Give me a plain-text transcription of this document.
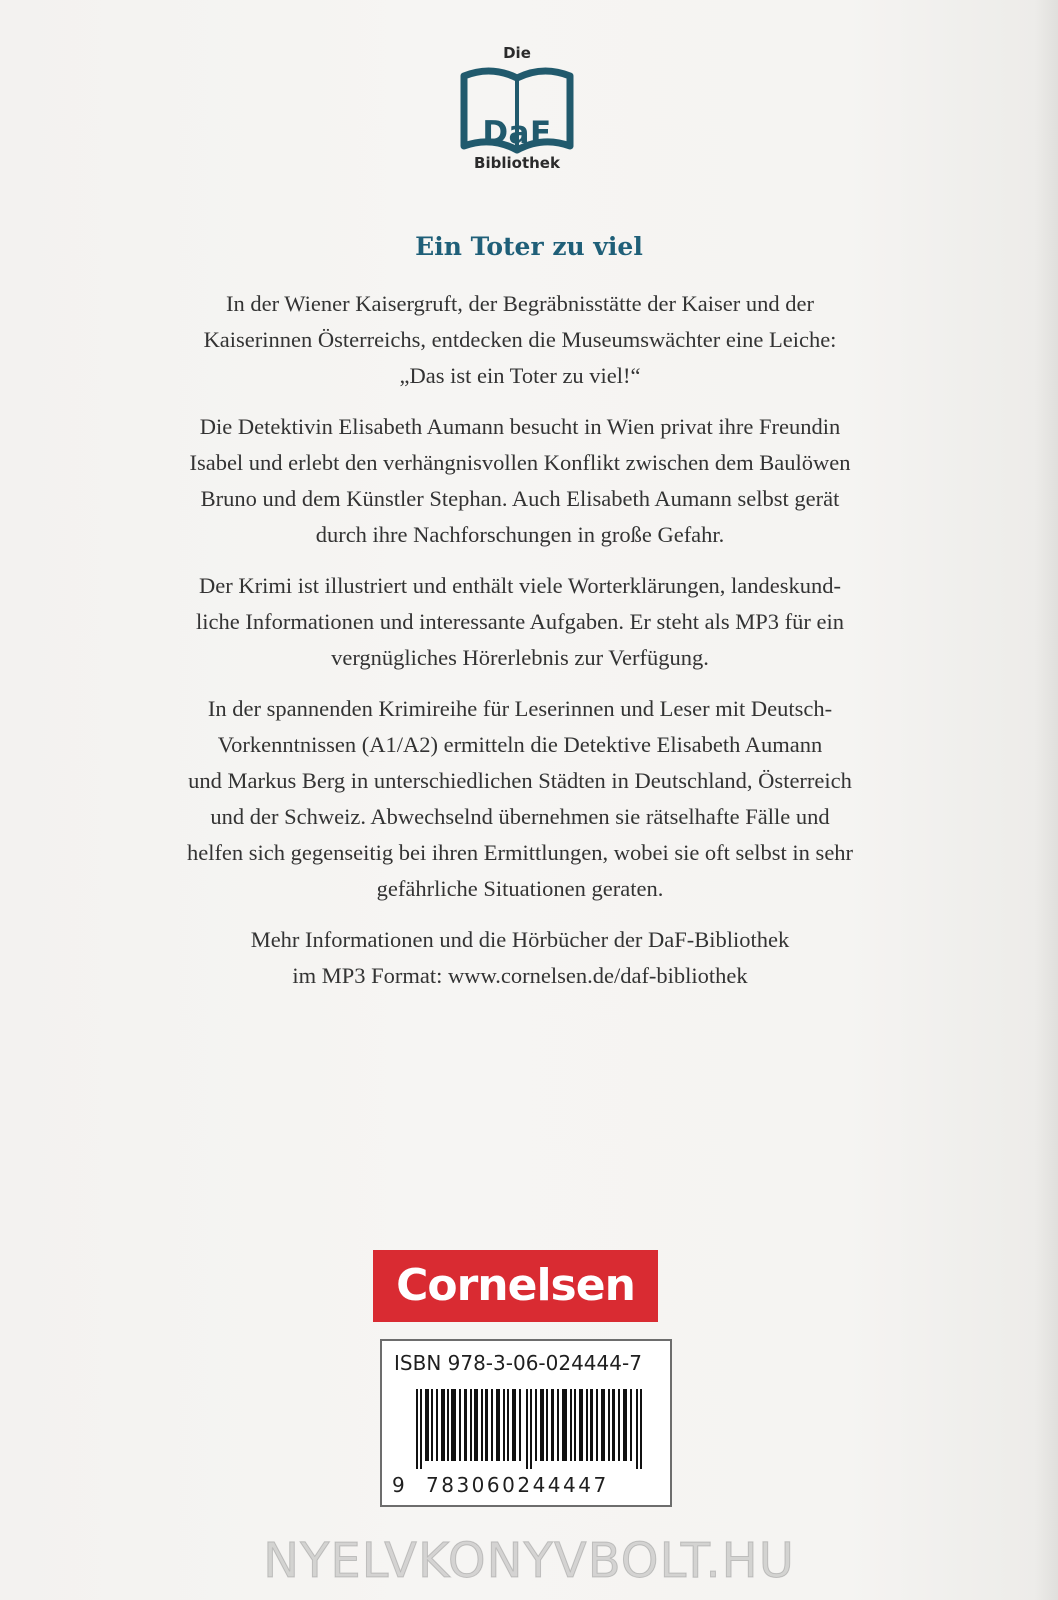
Die
DaF
Bibliothek
Ein Toter zu viel

In der Wiener Kaisergruft, der Begräbnisstätte der Kaiser und der
Kaiserinnen Österreichs, entdecken die Museumswächter eine Leiche:
„Das ist ein Toter zu viel!“

Die Detektivin Elisabeth Aumann besucht in Wien privat ihre Freundin
Isabel und erlebt den verhängnisvollen Konflikt zwischen dem Baulöwen
Bruno und dem Künstler Stephan. Auch Elisabeth Aumann selbst gerät
durch ihre Nachforschungen in große Gefahr.

Der Krimi ist illustriert und enthält viele Worterklärungen, landeskund-
liche Informationen und interessante Aufgaben. Er steht als MP3 für ein
vergnügliches Hörerlebnis zur Verfügung.

In der spannenden Krimireihe für Leserinnen und Leser mit Deutsch-
Vorkenntnissen (A1/A2) ermitteln die Detektive Elisabeth Aumann
und Markus Berg in unterschiedlichen Städten in Deutschland, Österreich
und der Schweiz. Abwechselnd übernehmen sie rätselhafte Fälle und
helfen sich gegenseitig bei ihren Ermittlungen, wobei sie oft selbst in sehr
gefährliche Situationen geraten.

Mehr Informationen und die Hörbücher der DaF-Bibliothek
im MP3 Format: www.cornelsen.de/daf-bibliothek

Cornelsen
ISBN 978-3-06-024444-7
9 783060244447
NYELVKONYVBOLT.HU
